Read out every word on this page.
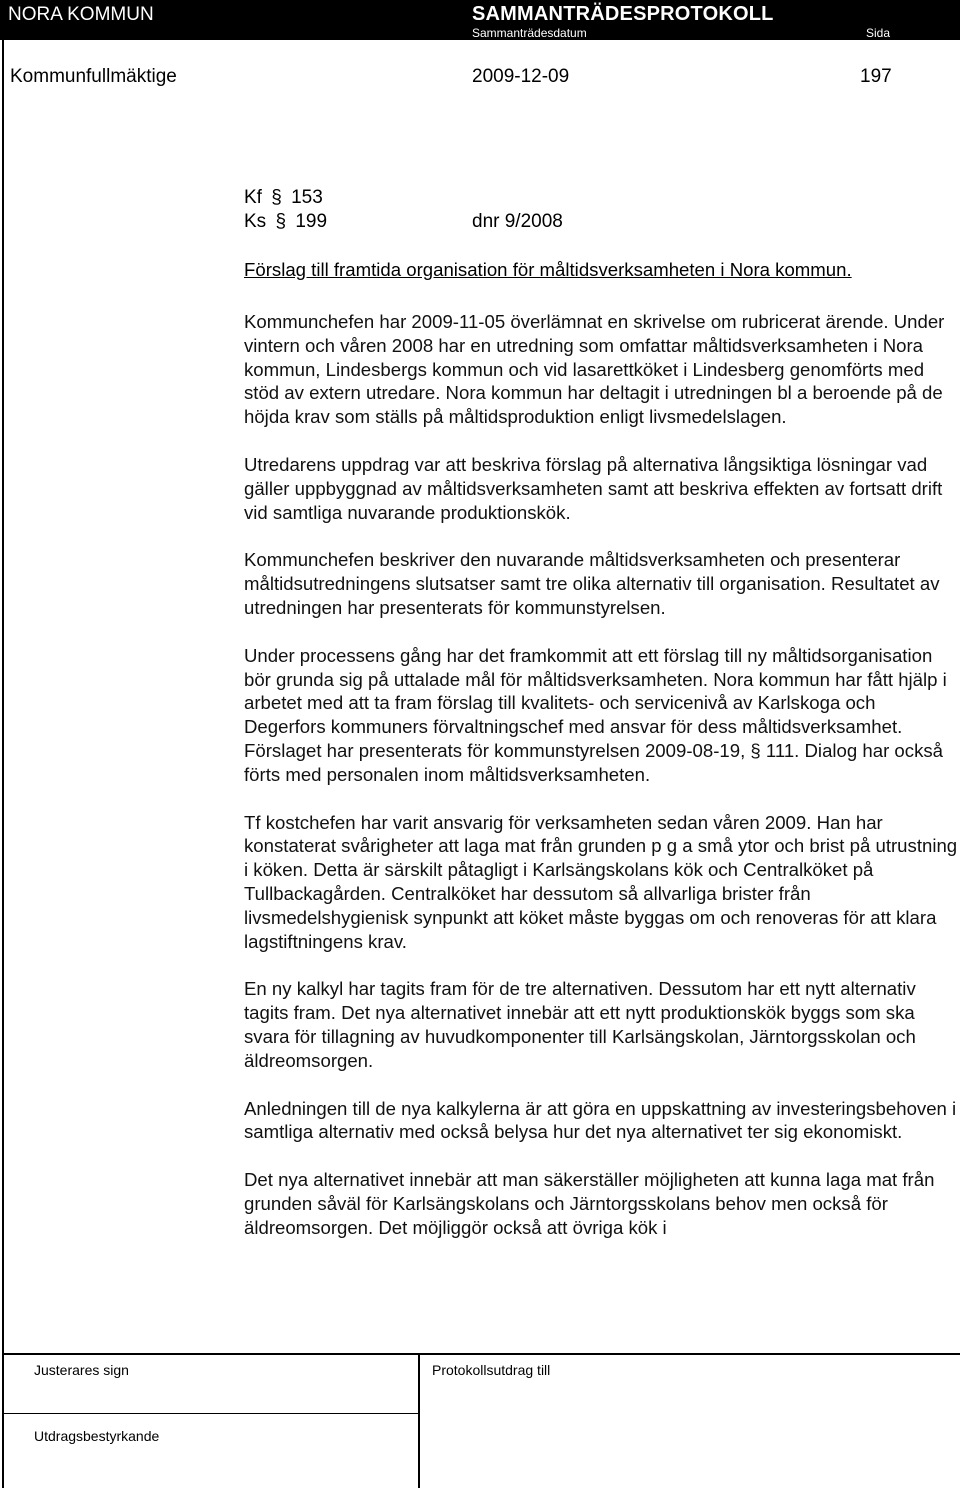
NORA KOMMUN	SAMMANTRÄDESPROTOKOLL
Sammanträdesdatum	Sida
Kommunfullmäktige	2009-12-09	197
Kf § 153
Ks § 199	dnr 9/2008
Förslag till framtida organisation för måltidsverksamheten i Nora kommun.

Kommunchefen har 2009-11-05 överlämnat en skrivelse om rubricerat ärende. Under vintern och våren 2008 har en utredning som omfattar måltidsverksamheten i Nora kommun, Lindesbergs kommun och vid lasarettköket i Lindesberg genomförts med stöd av extern utredare. Nora kommun har deltagit i utredningen bl a beroende på de höjda krav som ställs på måltidsproduktion enligt livsmedelslagen.

Utredarens uppdrag var att beskriva förslag på alternativa långsiktiga lösningar vad gäller uppbyggnad av måltidsverksamheten samt att beskriva effekten av fortsatt drift vid samtliga nuvarande produktionskök.

Kommunchefen beskriver den nuvarande måltidsverksamheten och presenterar måltidsutredningens slutsatser samt tre olika alternativ till organisation. Resultatet av utredningen har presenterats för kommunstyrelsen.

Under processens gång har det framkommit att ett förslag till ny måltidsorganisation bör grunda sig på uttalade mål för måltidsverksamheten. Nora kommun har fått hjälp i arbetet med att ta fram förslag till kvalitets- och servicenivå av Karlskoga och Degerfors kommuners förvaltningschef med ansvar för dess måltidsverksamhet. Förslaget har presenterats för kommunstyrelsen 2009-08-19, § 111. Dialog har också förts med personalen inom måltidsverksamheten.

Tf kostchefen har varit ansvarig för verksamheten sedan våren 2009. Han har konstaterat svårigheter att laga mat från grunden p g a små ytor och brist på utrustning i köken. Detta är särskilt påtagligt i Karlsängskolans kök och Centralköket på Tullbackagården. Centralköket har dessutom så allvarliga brister från livsmedelshygienisk synpunkt att köket måste byggas om och renoveras för att klara lagstiftningens krav.

En ny kalkyl har tagits fram för de tre alternativen. Dessutom har ett nytt alternativ tagits fram. Det nya alternativet innebär att ett nytt produktionskök byggs som ska svara för tillagning av huvudkomponenter till Karlsängskolan, Järntorgsskolan och äldreomsorgen.

Anledningen till de nya kalkylerna är att göra en uppskattning av investeringsbehoven i samtliga alternativ med också belysa hur det nya alternativet ter sig ekonomiskt.

Det nya alternativet innebär att man säkerställer möjligheten att kunna laga mat från grunden såväl för Karlsängskolans och Järntorgsskolans behov men också för äldreomsorgen. Det möjliggör också att övriga kök i

Justerares sign	Protokollsutdrag till
Utdragsbestyrkande
